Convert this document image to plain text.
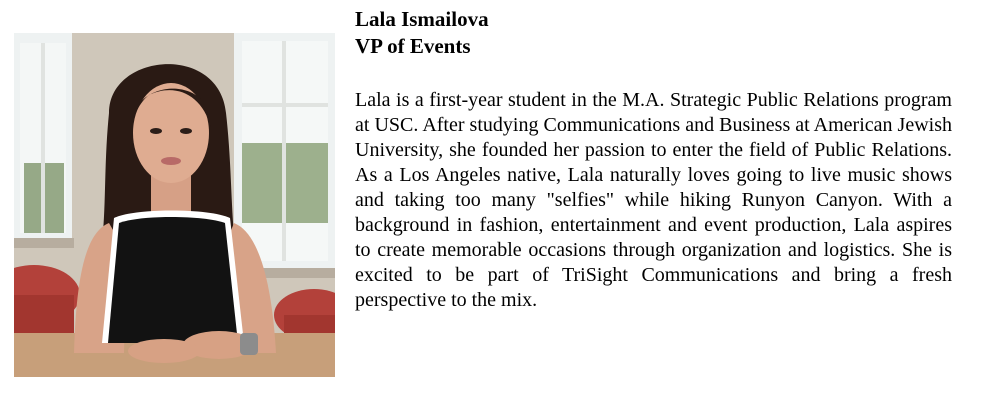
Lala Ismailova

VP of Events

Lala is a first-year student in the M.A. Strategic Public Relations program at USC. After studying Communications and Business at American Jewish University, she founded her passion to enter the field of Public Relations. As a Los Angeles native, Lala naturally loves going to live music shows and taking too many "selfies" while hiking Runyon Canyon. With a background in fashion, entertainment and event production, Lala aspires to create memorable occasions through organization and logistics. She is excited to be part of TriSight Communications and bring a fresh perspective to the mix.
